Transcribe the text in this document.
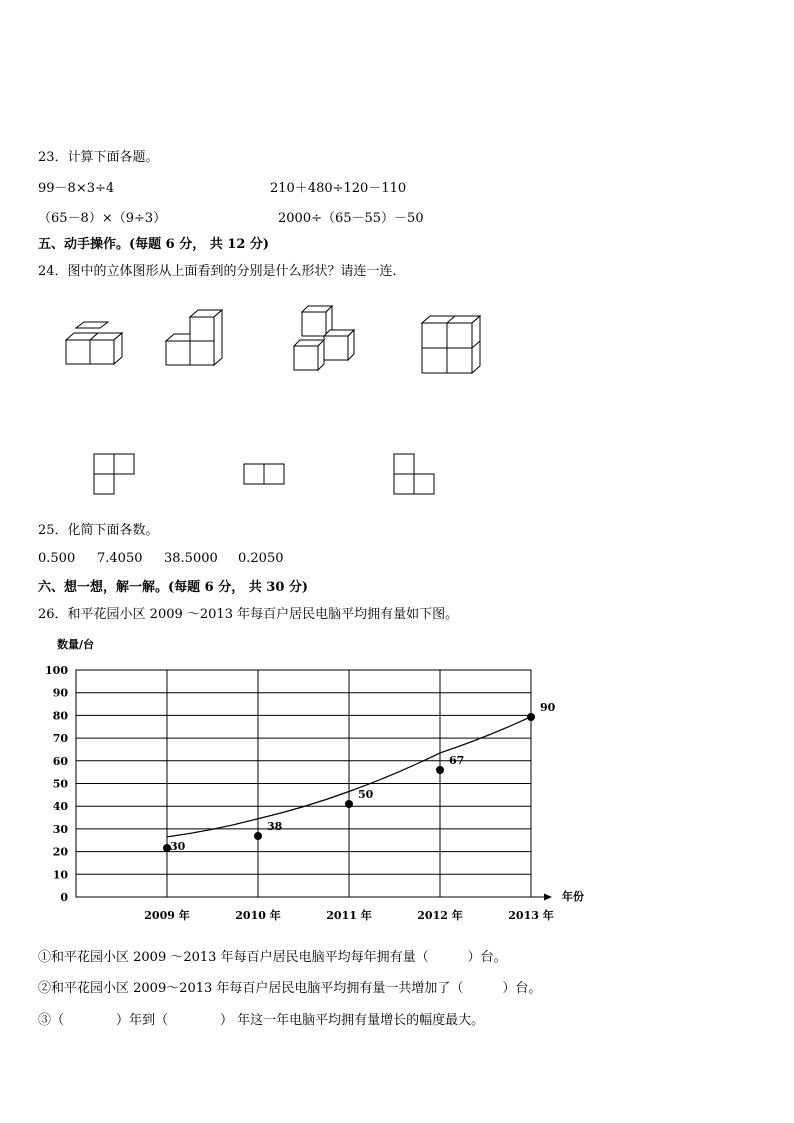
23．计算下面各题。
99－8×3÷4	210＋480÷120－110
（65－8）×（9÷3）	2000÷（65－55）－50
五、动手操作。(每题 6 分， 共 12 分)
24．图中的立体图形从上面看到的分别是什么形状？请连一连．
25．化简下面各数。
0.500 7.4050 38.5000 0.2050
六、想一想，解一解。(每题 6 分， 共 30 分)
26．和平花园小区 2009 ～2013 年每百户居民电脑平均拥有量如下图。
0
10
20
30
40
50
60
70
80
90
100
数量/台
年份
2009 年	2010 年	2011 年	2012 年	2013 年
30
38
50
67
90
①和平花园小区 2009 ～2013 年每百户居民电脑平均每年拥有量（　　　）台。
②和平花园小区 2009～2013 年每百户居民电脑平均拥有量一共增加了（　　　）台。
③（　　　　）年到（　　　　） 年这一年电脑平均拥有量增长的幅度最大。
